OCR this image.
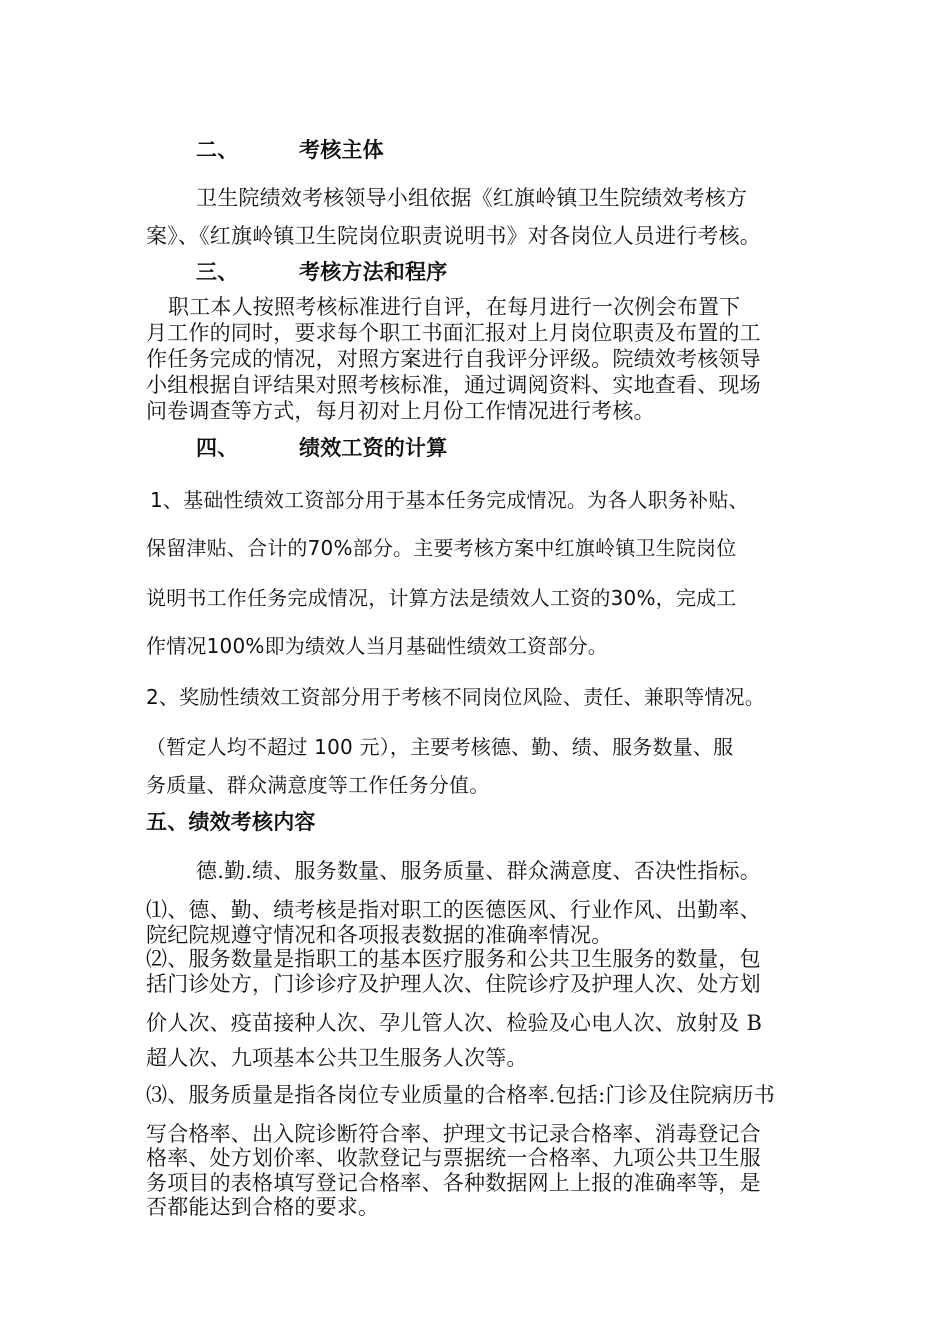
二、	考核主体
卫生院绩效考核领导小组依据《红旗岭镇卫生院绩效考核方
案》、《红旗岭镇卫生院岗位职责说明书》对各岗位人员进行考核。
三、	考核方法和程序
职工本人按照考核标准进行自评，在每月进行一次例会布置下
月工作的同时，要求每个职工书面汇报对上月岗位职责及布置的工
作任务完成的情况，对照方案进行自我评分评级。院绩效考核领导
小组根据自评结果对照考核标准，通过调阅资料、实地查看、现场
问卷调查等方式，每月初对上月份工作情况进行考核。
四、	绩效工资的计算
1、基础性绩效工资部分用于基本任务完成情况。为各人职务补贴、
保留津贴、合计的70%部分。主要考核方案中红旗岭镇卫生院岗位
说明书工作任务完成情况，计算方法是绩效人工资的30%，完成工
作情况100%即为绩效人当月基础性绩效工资部分。
2、奖励性绩效工资部分用于考核不同岗位风险、责任、兼职等情况。
（暂定人均不超过 100 元），主要考核德、勤、绩、服务数量、服
务质量、群众满意度等工作任务分值。
五、绩效考核内容
德.勤.绩、服务数量、服务质量、群众满意度、否决性指标。
⑴、德、勤、绩考核是指对职工的医德医风、行业作风、出勤率、
院纪院规遵守情况和各项报表数据的准确率情况。
⑵、服务数量是指职工的基本医疗服务和公共卫生服务的数量，包
括门诊处方，门诊诊疗及护理人次、住院诊疗及护理人次、处方划
价人次、疫苗接种人次、孕儿管人次、检验及心电人次、放射及 B
超人次、九项基本公共卫生服务人次等。
⑶、服务质量是指各岗位专业质量的合格率.包括:门诊及住院病历书
写合格率、出入院诊断符合率、护理文书记录合格率、消毒登记合
格率、处方划价率、收款登记与票据统一合格率、九项公共卫生服
务项目的表格填写登记合格率、各种数据网上上报的准确率等，是
否都能达到合格的要求。
